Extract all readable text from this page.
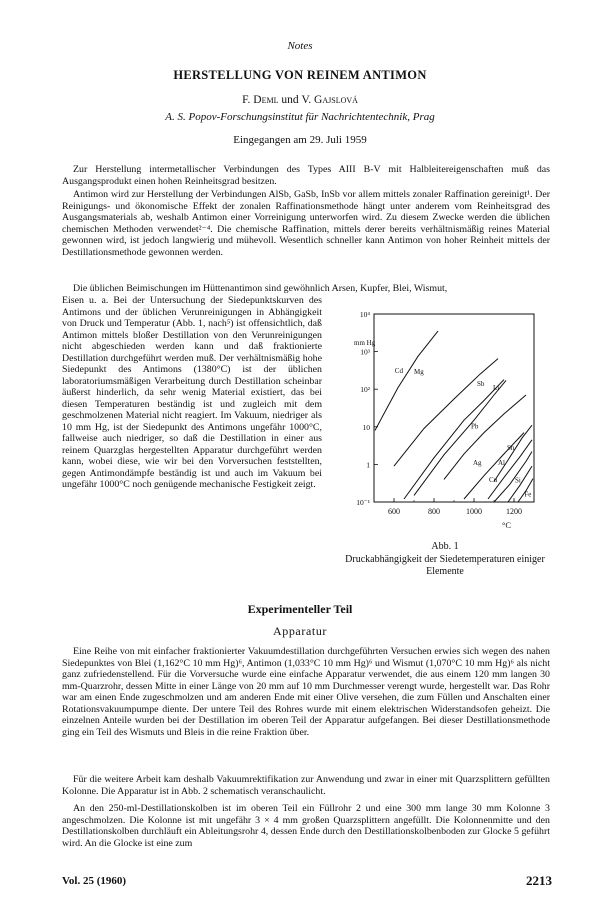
Notes

HERSTELLUNG VON REINEM ANTIMON

F. Deml und V. Gajslová

A. S. Popov-Forschungsinstitut für Nachrichtentechnik, Prag

Eingegangen am 29. Juli 1959

Zur Herstellung intermetallischer Verbindungen des Types AIII B-V mit Halbleitereigenschaften muß das Ausgangsprodukt einen hohen Reinheitsgrad besitzen.

Antimon wird zur Herstellung der Verbindungen AlSb, GaSb, InSb vor allem mittels zonaler Raffination gereinigt¹. Der Reinigungs- und ökonomische Effekt der zonalen Raffinationsmethode hängt unter anderem vom Reinheitsgrad des Ausgangsmaterials ab, weshalb Antimon einer Vorreinigung unterworfen wird. Zu diesem Zwecke werden die üblichen chemischen Methoden verwendet²⁻⁴. Die chemische Raffination, mittels derer bereits verhältnismäßig reines Material gewonnen wird, ist jedoch langwierig und mühevoll. Wesentlich schneller kann Antimon von hoher Reinheit mittels der Destillationsmethode gewonnen werden.

Die üblichen Beimischungen im Hüttenantimon sind gewöhnlich Arsen, Kupfer, Blei, Wismut,

Eisen u. a. Bei der Untersuchung der Siedepunktskurven des Antimons und der üblichen Verunreinigungen in Abhängigkeit von Druck und Temperatur (Abb. 1, nach⁵) ist offensichtlich, daß Antimon mittels bloßer Destillation von den Verunreinigungen nicht abgeschieden werden kann und daß fraktionierte Destillation durchgeführt werden muß. Der verhältnismäßig hohe Siedepunkt des Antimons (1380°C) ist der üblichen laboratoriumsmäßigen Verarbeitung durch Destillation scheinbar äußerst hinderlich, da sehr wenig Material existiert, das bei diesen Temperaturen beständig ist und zugleich mit dem geschmolzenen Material nicht reagiert. Im Vakuum, niedriger als 10 mm Hg, ist der Siedepunkt des Antimons ungefähr 1000°C, fallweise auch niedriger, so daß die Destillation in einer aus reinem Quarzglas hergestellten Apparatur durchgeführt werden kann, wobei diese, wie wir bei den Vorversuchen feststellten, gegen Antimondämpfe beständig ist und auch im Vakuum bei ungefähr 1000°C noch genügende mechanische Festigkeit zeigt.

600	800	1000	1200
10⁴
10³
10²
10
1
10⁻¹
Cd Mg
Sb Li
Pb
Ag
Sn
Al
Cu	Si
Fe
mm Hg
°C

Abb. 1

Druckabhängigkeit der Siedetemperaturen einiger Elemente

Experimenteller Teil

Apparatur

Eine Reihe von mit einfacher fraktionierter Vakuumdestillation durchgeführten Versuchen erwies sich wegen des nahen Siedepunktes von Blei (1,162°C 10 mm Hg)⁶, Antimon (1,033°C 10 mm Hg)⁶ und Wismut (1,070°C 10 mm Hg)⁶ als nicht ganz zufriedenstellend. Für die Vorversuche wurde eine einfache Apparatur verwendet, die aus einem 120 mm langen 30 mm-Quarzrohr, dessen Mitte in einer Länge von 20 mm auf 10 mm Durchmesser verengt wurde, hergestellt war. Das Rohr war am einen Ende zugeschmolzen und am anderen Ende mit einer Olive versehen, die zum Füllen und Anschalten einer Rotationsvakuumpumpe diente. Der untere Teil des Rohres wurde mit einem elektrischen Widerstandsofen geheizt. Die einzelnen Anteile wurden bei der Destillation im oberen Teil der Apparatur aufgefangen. Bei dieser Destillationsmethode ging ein Teil des Wismuts und Bleis in die reine Fraktion über.

Für die weitere Arbeit kam deshalb Vakuumrektifikation zur Anwendung und zwar in einer mit Quarzsplittern gefüllten Kolonne. Die Apparatur ist in Abb. 2 schematisch veranschaulicht.

An den 250-ml-Destillationskolben ist im oberen Teil ein Füllrohr 2 und eine 300 mm lange 30 mm Kolonne 3 angeschmolzen. Die Kolonne ist mit ungefähr 3 × 4 mm großen Quarzsplittern angefüllt. Die Kolonnenmitte und den Destillationskolben durchläuft ein Ableitungsrohr 4, dessen Ende durch den Destillationskolbenboden zur Glocke 5 geführt wird. An die Glocke ist eine zum

Vol. 25 (1960)	2213
